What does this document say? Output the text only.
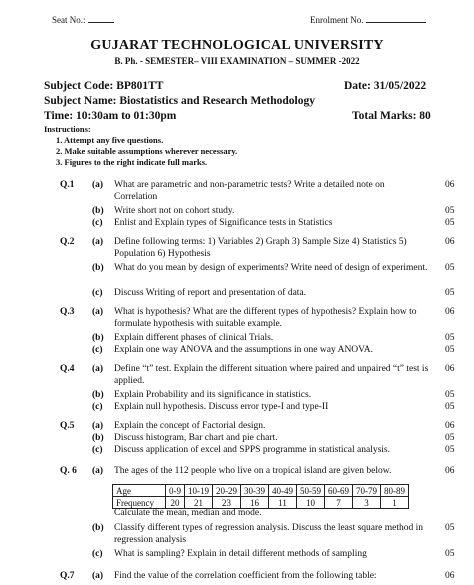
Seat No.:	Enrolment No.
GUJARAT TECHNOLOGICAL UNIVERSITY
B. Ph. - SEMESTER– VIII EXAMINATION – SUMMER -2022
Subject Code: BP801TT	Date: 31/05/2022
Subject Name: Biostatistics and Research Methodology
Time: 10:30am to 01:30pm	Total Marks: 80
Instructions:
1. Attempt any five questions.
2. Make suitable assumptions wherever necessary.
3. Figures to the right indicate full marks.
Q.1 (a) What are parametric and non-parametric tests? Write a detailed note on Correlation
06
(b) Write short not on cohort study.	05
(c) Enlist and Explain types of Significance tests in Statistics	05
Q.2 (a) Define following terms: 1) Variables 2) Graph 3) Sample Size 4) Statistics 5) Population 6) Hypothesis
06
(b) What do you mean by design of experiments? Write need of design of experiment. 05
(c) Discuss Writing of report and presentation of data.	05
Q.3 (a) What is hypothesis? What are the different types of hypothesis? Explain how to formulate hypothesis with suitable example.
06
(b) Explain different phases of clinical Trials.	05
(c) Explain one way ANOVA and the assumptions in one way ANOVA.	05
Q.4 (a) Define “t” test. Explain the different situation where paired and unpaired “t” test is applied.
06
(b) Explain Probability and its significance in statistics.	05
(c) Explain null hypothesis. Discuss error type-I and type-II	05
Q.5 (a) Explain the concept of Factorial design.	06
(b) Discuss histogram, Bar chart and pie chart.	05
(c) Discuss application of excel and SPPS programme in statistical analysis.	05
Q. 6 (a) The ages of the 112 people who live on a tropical island are given below.	06
Age	0-9	10-19	20-29	30-39	40-49	50-59	60-69	70-79	80-89
Frequency	20	21	23	16	11	10	7	3	1
Calculate the mean, median and mode.
(b) Classify different types of regression analysis. Discuss the least square method in regression analysis
05
(c) What is sampling? Explain in detail different methods of sampling	05
Q.7 (a) Find the value of the correlation coefficient from the following table:	06
